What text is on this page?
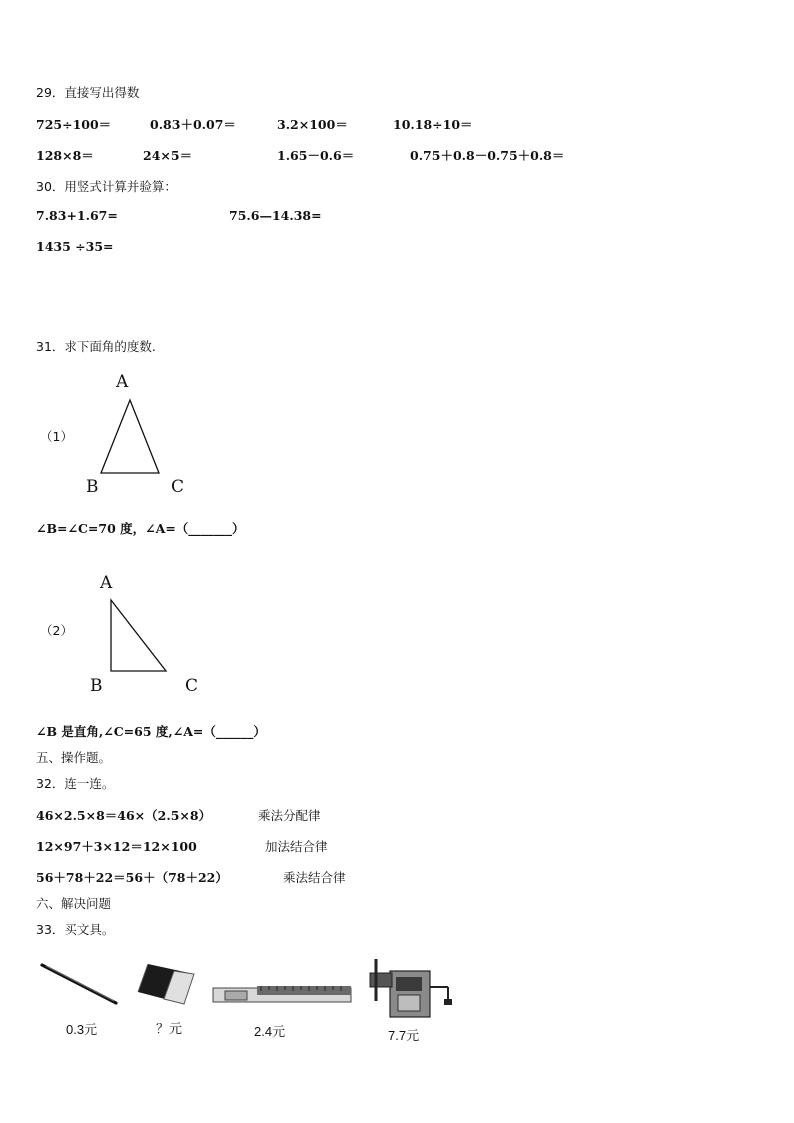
29．直接写出得数
725÷100＝	0.83＋0.07＝	3.2×100＝	10.18÷10＝
128×8＝	24×5＝	1.65－0.6＝	0.75＋0.8－0.75＋0.8＝
30．用竖式计算并验算：
7.83+1.67=	75.6—14.38=
1435 ÷35=
31．求下面角的度数.
（1）
A
B	C
∠B=∠C=70 度，∠A=（_______）
（2）
A
B	C
∠B 是直角,∠C=65 度,∠A=（______）
五、操作题。
32．连一连。
46×2.5×8＝46×（2.5×8）
12×97＋3×12＝12×100
56＋78＋22＝56＋（78＋22）
乘法分配律
加法结合律
乘法结合律
六、解决问题
33．买文具。
0.3元	？元	2.4元	7.7元
